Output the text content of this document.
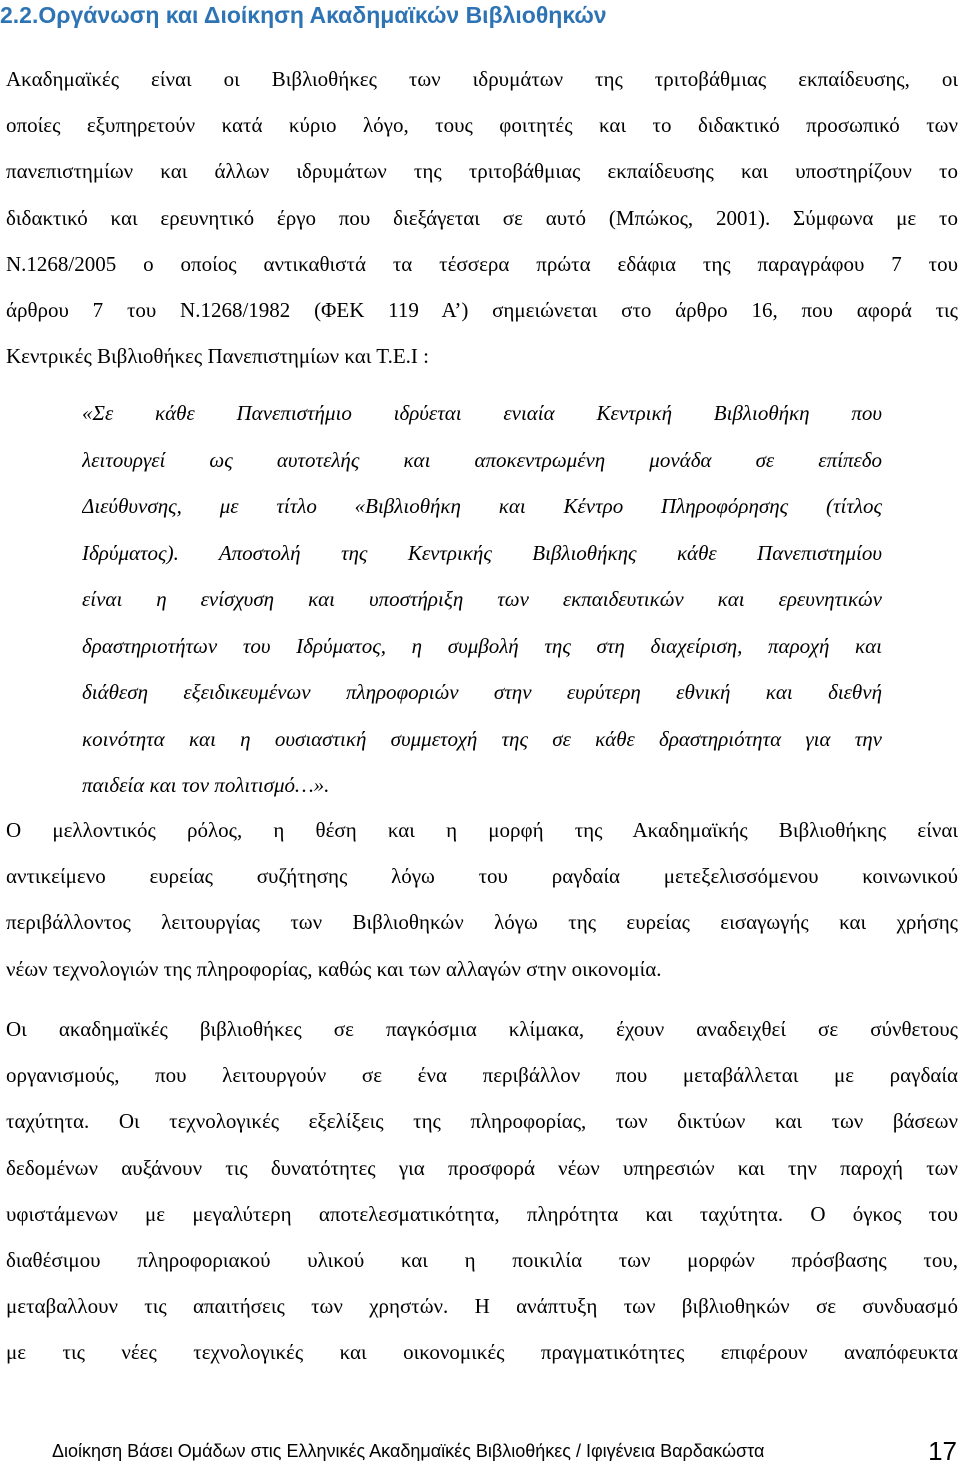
2.2.Οργάνωση και Διοίκηση Ακαδημαϊκών Βιβλιοθηκών

Ακαδημαϊκές είναι οι Βιβλιοθήκες των ιδρυμάτων της τριτοβάθμιας εκπαίδευσης, οι
οποίες εξυπηρετούν κατά κύριο λόγο, τους φοιτητές και το διδακτικό προσωπικό των
πανεπιστημίων και άλλων ιδρυμάτων της τριτοβάθμιας εκπαίδευσης και υποστηρίζουν το
διδακτικό και ερευνητικό έργο που διεξάγεται σε αυτό (Μπώκος, 2001). Σύμφωνα με το
Ν.1268/2005 ο οποίος αντικαθιστά τα τέσσερα πρώτα εδάφια της παραγράφου 7 του
άρθρου 7 του Ν.1268/1982 (ΦΕΚ 119 Α’) σημειώνεται στο άρθρο 16, που αφορά τις
Κεντρικές Βιβλιοθήκες Πανεπιστημίων και Τ.Ε.Ι :

«Σε κάθε Πανεπιστήμιο ιδρύεται ενιαία Κεντρική Βιβλιοθήκη που
λειτουργεί ως αυτοτελής και αποκεντρωμένη μονάδα σε επίπεδο
Διεύθυνσης, με τίτλο «Βιβλιοθήκη και Κέντρο Πληροφόρησης (τίτλος
Ιδρύματος). Αποστολή της Κεντρικής Βιβλιοθήκης κάθε Πανεπιστημίου
είναι η ενίσχυση και υποστήριξη των εκπαιδευτικών και ερευνητικών
δραστηριοτήτων του Ιδρύματος, η συμβολή της στη διαχείριση, παροχή και
διάθεση εξειδικευμένων πληροφοριών στην ευρύτερη εθνική και διεθνή
κοινότητα και η ουσιαστική συμμετοχή της σε κάθε δραστηριότητα για την
παιδεία και τον πολιτισμό…».

Ο μελλοντικός ρόλος, η θέση και η μορφή της Ακαδημαϊκής Βιβλιοθήκης είναι
αντικείμενο ευρείας συζήτησης λόγω του ραγδαία μετεξελισσόμενου κοινωνικού
περιβάλλοντος λειτουργίας των Βιβλιοθηκών λόγω της ευρείας εισαγωγής και χρήσης
νέων τεχνολογιών της πληροφορίας, καθώς και των αλλαγών στην οικονομία.

Οι ακαδημαϊκές βιβλιοθήκες σε παγκόσμια κλίμακα, έχουν αναδειχθεί σε σύνθετους
οργανισμούς, που λειτουργούν σε ένα περιβάλλον που μεταβάλλεται με ραγδαία
ταχύτητα. Οι τεχνολογικές εξελίξεις της πληροφορίας, των δικτύων και των βάσεων
δεδομένων αυξάνουν τις δυνατότητες για προσφορά νέων υπηρεσιών και την παροχή των
υφιστάμενων με μεγαλύτερη αποτελεσματικότητα, πληρότητα και ταχύτητα. Ο όγκος του
διαθέσιμου πληροφοριακού υλικού και η ποικιλία των μορφών πρόσβασης του,
μεταβαλλουν τις απαιτήσεις των χρηστών. Η ανάπτυξη των βιβλιοθηκών σε συνδυασμό
με τις νέες τεχνολογικές και οικονομικές πραγματικότητες επιφέρουν αναπόφευκτα

Διοίκηση Βάσει Ομάδων στις Ελληνικές Ακαδημαϊκές Βιβλιοθήκες / Ιφιγένεια Βαρδακώστα	17
